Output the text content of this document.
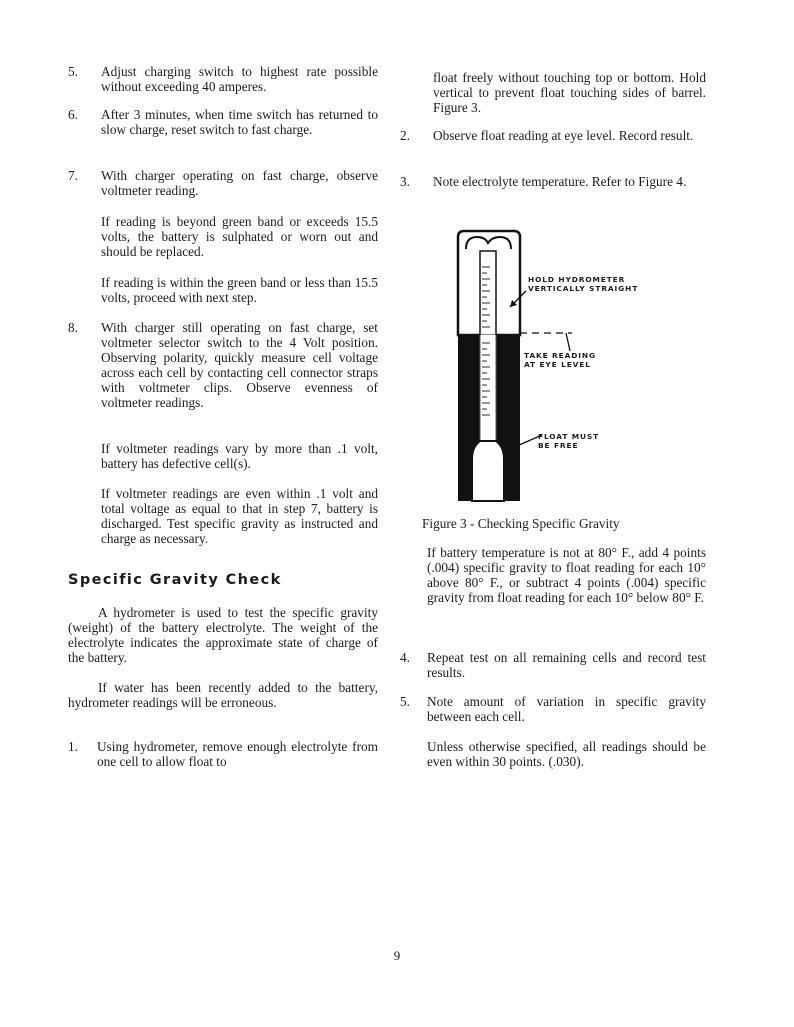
5.	Adjust charging switch to highest rate possible without exceeding 40 amperes.
6.	After 3 minutes, when time switch has returned to slow charge, reset switch to fast charge.
7.	With charger operating on fast charge, observe voltmeter reading.
If reading is beyond green band or exceeds 15.5 volts, the battery is sulphated or worn out and should be replaced.
If reading is within the green band or less than 15.5 volts, proceed with next step.
8.	With charger still operating on fast charge, set voltmeter selector switch to the 4 Volt position. Observing polarity, quickly measure cell voltage across each cell by contacting cell connector straps with voltmeter clips. Observe evenness of voltmeter readings.
If voltmeter readings vary by more than .1 volt, battery has defective cell(s).
If voltmeter readings are even within .1 volt and total voltage as equal to that in step 7, battery is discharged. Test specific gravity as instructed and charge as necessary.
Specific Gravity Check
A hydrometer is used to test the specific gravity (weight) of the battery electrolyte. The weight of the electrolyte indicates the approximate state of charge of the battery.
If water has been recently added to the battery, hydrometer readings will be erroneous.
1.	Using hydrometer, remove enough electrolyte from one cell to allow float to
float freely without touching top or bottom. Hold vertical to prevent float touching sides of barrel. Figure 3.
2.	Observe float reading at eye level. Record result.
3.	Note electrolyte temperature. Refer to Figure 4.
If battery temperature is not at 80° F., add 4 points (.004) specific gravity to float reading for each 10° above 80° F., or subtract 4 points (.004) specific gravity from float reading for each 10° below 80° F.
4.	Repeat test on all remaining cells and record test results.
5.	Note amount of variation in specific gravity between each cell.
Unless otherwise specified, all readings should be even within 30 points. (.030).
HOLD HYDROMETER
VERTICALLY STRAIGHT
TAKE READING
AT EYE LEVEL
FLOAT MUST
BE FREE
Figure 3 - Checking Specific Gravity
9
